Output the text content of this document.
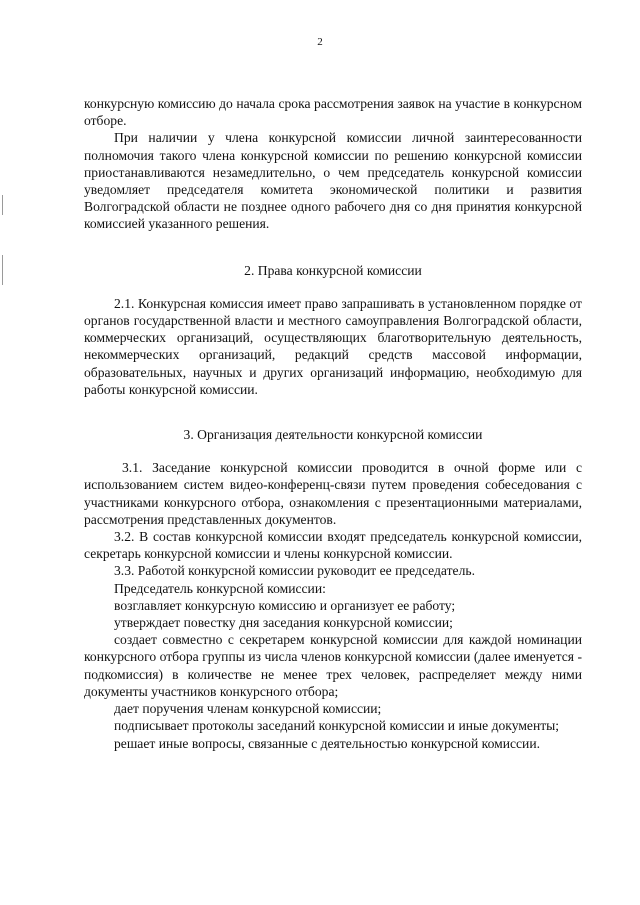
2

конкурсную комиссию до начала срока рассмотрения заявок на участие в конкурсном отборе.

При наличии у члена конкурсной комиссии личной заинтересованности полномочия такого члена конкурсной комиссии по решению конкурсной комиссии приостанавливаются незамедлительно, о чем председатель конкурсной комиссии уведомляет председателя комитета экономической политики и развития Волгоградской области не позднее одного рабочего дня со дня принятия конкурсной комиссией указанного решения.

2. Права конкурсной комиссии

2.1. Конкурсная комиссия имеет право запрашивать в установленном порядке от органов государственной власти и местного самоуправления Волгоградской области, коммерческих организаций, осуществляющих благотворительную деятельность, некоммерческих организаций, редакций средств массовой информации, образовательных, научных и других организаций информацию, необходимую для работы конкурсной комиссии.

3. Организация деятельности конкурсной комиссии

3.1. Заседание конкурсной комиссии проводится в очной форме или с использованием систем видео-конференц-связи путем проведения собеседования с участниками конкурсного отбора, ознакомления с презентационными материалами, рассмотрения представленных документов.

3.2. В состав конкурсной комиссии входят председатель конкурсной комиссии, секретарь конкурсной комиссии и члены конкурсной комиссии.

3.3. Работой конкурсной комиссии руководит ее председатель.

Председатель конкурсной комиссии:

возглавляет конкурсную комиссию и организует ее работу;

утверждает повестку дня заседания конкурсной комиссии;

создает совместно с секретарем конкурсной комиссии для каждой номинации конкурсного отбора группы из числа членов конкурсной комиссии (далее именуется - подкомиссия) в количестве не менее трех человек, распределяет между ними документы участников конкурсного отбора;

дает поручения членам конкурсной комиссии;

подписывает протоколы заседаний конкурсной комиссии и иные документы;

решает иные вопросы, связанные с деятельностью конкурсной комиссии.
